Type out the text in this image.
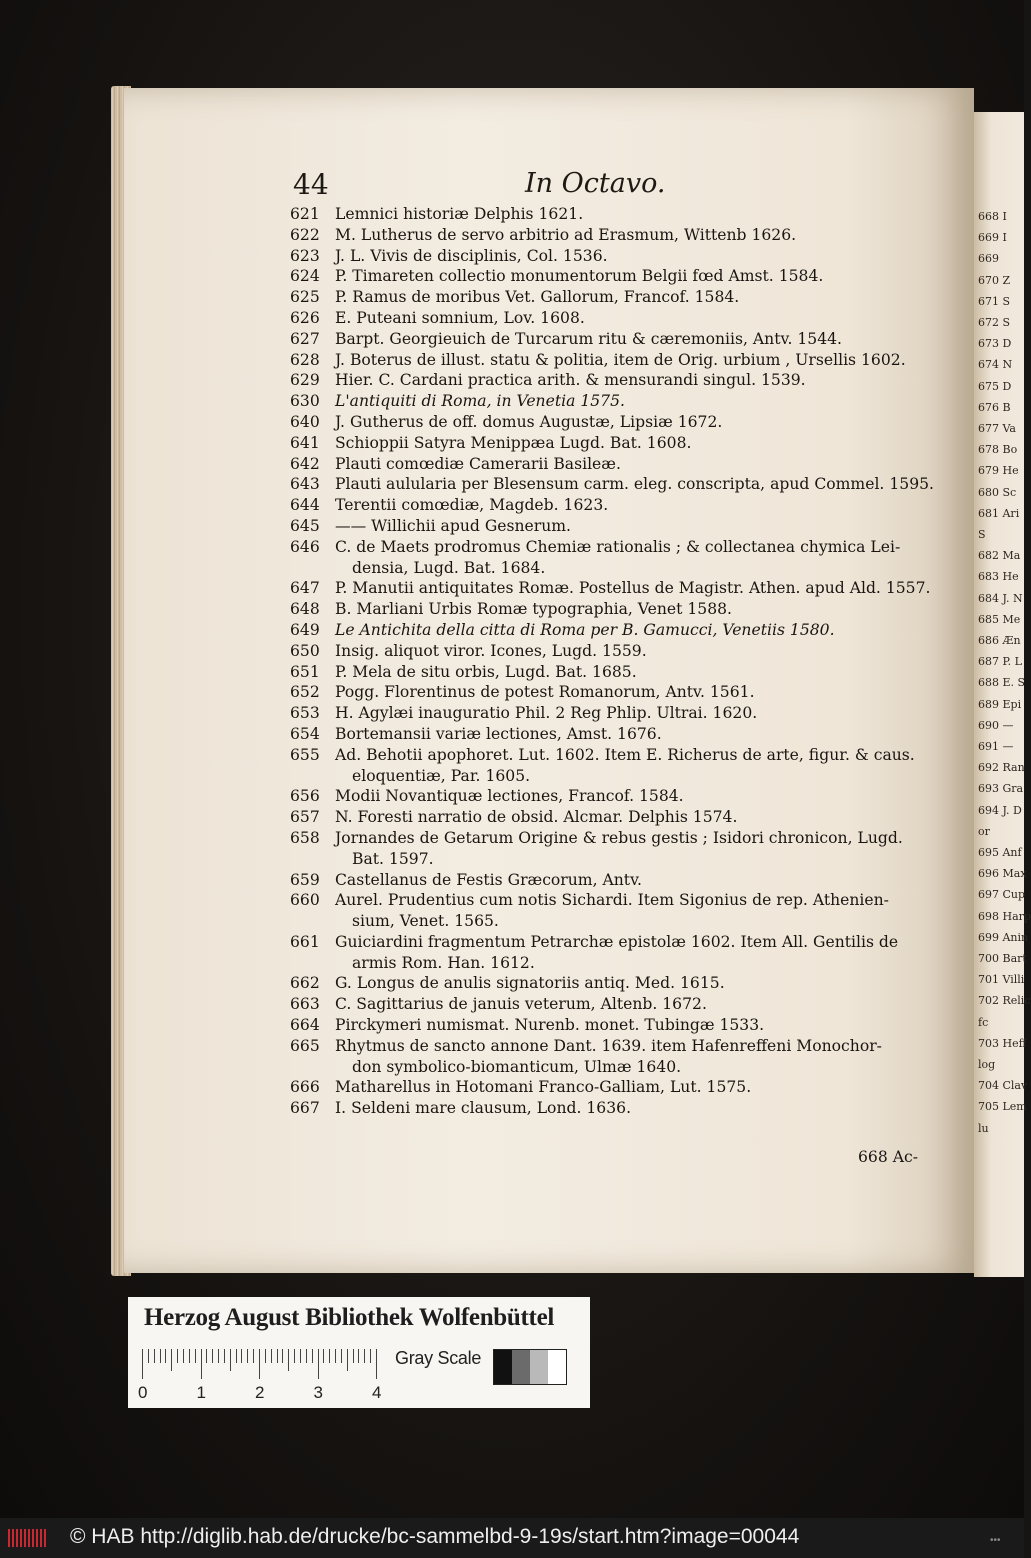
668 I
669 I
669
670 Z
671 S
672 S
673 D
674 N
675 D
676 B
677 Va
678 Bo
679 He
680 Sc
681 Ari
S
682 Ma
683 He
684 J. N
685 Me
686 Æn
687 P. L
688 E. S
689 Epi
690 —
691 —
692 Ran
693 Gra
694 J. D
or
695 Anf
696 Max
697 Cup
698 Harp
699 Anin
700 Bart
701 Villi
702 Relic
fc
703 Heff
log
704 Clav
705 Lem
lu
44	In Octavo.
621 Lemnici historiæ Delphis 1621.
622 M. Lutherus de servo arbitrio ad Erasmum, Wittenb 1626.
623 J. L. Vivis de disciplinis, Col. 1536.
624 P. Timareten collectio monumentorum Belgii fœd Amst. 1584.
625 P. Ramus de moribus Vet. Gallorum, Francof. 1584.
626 E. Puteani somnium, Lov. 1608.
627 Barpt. Georgieuich de Turcarum ritu & cæremoniis, Antv. 1544.
628 J. Boterus de illust. statu & politia, item de Orig. urbium , Ursellis 1602.
629 Hier. C. Cardani practica arith. & mensurandi singul. 1539.
630 L'antiquiti di Roma, in Venetia 1575.
640 J. Gutherus de off. domus Augustæ, Lipsiæ 1672.
641 Schioppii Satyra Menippæa Lugd. Bat. 1608.
642 Plauti comœdiæ Camerarii Basileæ.
643 Plauti aulularia per Blesensum carm. eleg. conscripta, apud Commel. 1595.
644 Terentii comœdiæ, Magdeb. 1623.
645 —— Willichii apud Gesnerum.
646 C. de Maets prodromus Chemiæ rationalis ; & collectanea chymica Lei-
densia, Lugd. Bat. 1684.
647 P. Manutii antiquitates Romæ. Postellus de Magistr. Athen. apud Ald. 1557.
648 B. Marliani Urbis Romæ typographia, Venet 1588.
649 Le Antichita della citta di Roma per B. Gamucci, Venetiis 1580.
650 Insig. aliquot viror. Icones, Lugd. 1559.
651 P. Mela de situ orbis, Lugd. Bat. 1685.
652 Pogg. Florentinus de potest Romanorum, Antv. 1561.
653 H. Agylæi inauguratio Phil. 2 Reg Phlip. Ultrai. 1620.
654 Bortemansii variæ lectiones, Amst. 1676.
655 Ad. Behotii apophoret. Lut. 1602. Item E. Richerus de arte, figur. & caus.
eloquentiæ, Par. 1605.
656 Modii Novantiquæ lectiones, Francof. 1584.
657 N. Foresti narratio de obsid. Alcmar. Delphis 1574.
658 Jornandes de Getarum Origine & rebus gestis ; Isidori chronicon, Lugd.
Bat. 1597.
659 Castellanus de Festis Græcorum, Antv.
660 Aurel. Prudentius cum notis Sichardi. Item Sigonius de rep. Athenien-
sium, Venet. 1565.
661 Guiciardini fragmentum Petrarchæ epistolæ 1602. Item All. Gentilis de
armis Rom. Han. 1612.
662 G. Longus de anulis signatoriis antiq. Med. 1615.
663 C. Sagittarius de januis veterum, Altenb. 1672.
664 Pirckymeri numismat. Nurenb. monet. Tubingæ 1533.
665 Rhytmus de sancto annone Dant. 1639. item Hafenreffeni Monochor-
don symbolico-biomanticum, Ulmæ 1640.
666 Matharellus in Hotomani Franco-Galliam, Lut. 1575.
667 I. Seldeni mare clausum, Lond. 1636.
668 Ac-
Herzog August Bibliothek Wolfenbüttel
0	1	2	3	4
Gray Scale
© HAB http://diglib.hab.de/drucke/bc-sammelbd-9-19s/start.htm?image=00044	•••
